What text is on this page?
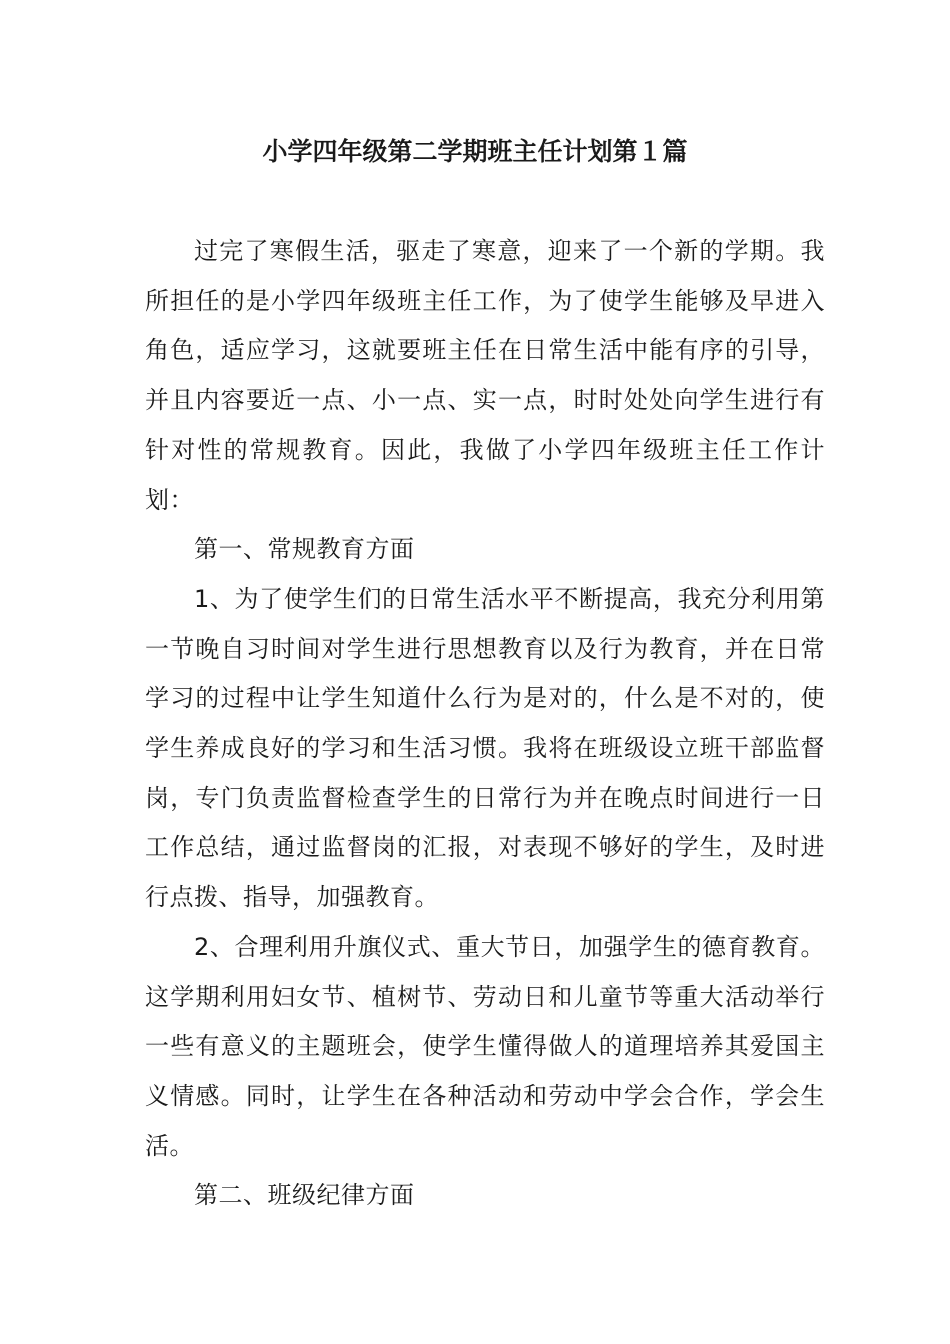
小学四年级第二学期班主任计划第１篇

过完了寒假生活，驱走了寒意，迎来了一个新的学期。我所担任的是小学四年级班主任工作，为了使学生能够及早进入角色，适应学习，这就要班主任在日常生活中能有序的引导，并且内容要近一点、小一点、实一点，时时处处向学生进行有针对性的常规教育。因此，我做了小学四年级班主任工作计划：

第一、常规教育方面

1、为了使学生们的日常生活水平不断提高，我充分利用第一节晚自习时间对学生进行思想教育以及行为教育，并在日常学习的过程中让学生知道什么行为是对的，什么是不对的，使学生养成良好的学习和生活习惯。我将在班级设立班干部监督岗，专门负责监督检查学生的日常行为并在晚点时间进行一日工作总结，通过监督岗的汇报，对表现不够好的学生，及时进行点拨、指导，加强教育。

2、合理利用升旗仪式、重大节日，加强学生的德育教育。这学期利用妇女节、植树节、劳动日和儿童节等重大活动举行一些有意义的主题班会，使学生懂得做人的道理培养其爱国主义情感。同时，让学生在各种活动和劳动中学会合作，学会生活。

第二、班级纪律方面
